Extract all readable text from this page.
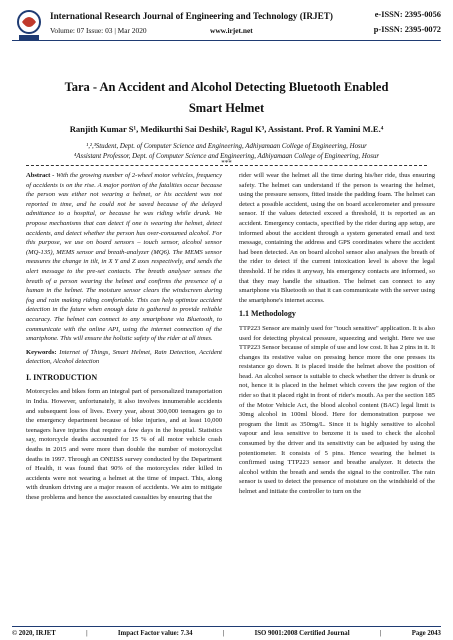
International Research Journal of Engineering and Technology (IRJET)
Volume: 07 Issue: 03 | Mar 2020	www.irjet.net
e-ISSN: 2395-0056
p-ISSN: 2395-0072
Tara - An Accident and Alcohol Detecting Bluetooth Enabled
Smart Helmet
Ranjith Kumar S¹, Medikurthi Sai Deshik², Ragul K³, Assistant. Prof. R Yamini M.E.⁴
¹,²,³Student, Dept. of Computer Science and Engineering, Adhiyamaan College of Engineering, Hosur
⁴Assistant Professor, Dept. of Computer Science and Engineering, Adhiyamaan College of Engineering, Hosur
***

Abstract - With the growing number of 2-wheel motor vehicles, frequency of accidents is on the rise. A major portion of the fatalities occur because the person was either not wearing a helmet, or his accident was not reported in time, and he could not be saved because of the delayed admittance to a hospital, or because he was riding while drunk. We propose mechanisms that can detect if one is wearing the helmet, detect accidents, and detect whether the person has over-consumed alcohol. For this purpose, we use on board sensors – touch sensor, alcohol sensor (MQ-135), MEMS sensor and breath-analyzer (MQ6). The MEMS sensor measures the change in tilt, in X Y and Z axes respectively, and sends the alert message to the pre-set contacts. The breath analyser senses the breath of a person wearing the helmet and confirms the presence of a human in the helmet. The moisture sensor clears the windscreen during fog and rain making riding comfortable. This can help optimize accident detection in the future when enough data is gathered to provide reliable accuracy. The helmet can connect to any smartphone via Bluetooth, to communicate with the online API, using the internet connection of the smartphone. This will ensure the holistic safety of the rider at all times.

Keywords: Internet of Things, Smart Helmet, Rain Detection, Accident detection, Alcohol detection

I. INTRODUCTION

Motorcycles and bikes form an integral part of personalized transportation in India. However, unfortunately, it also involves innumerable accidents and subsequent loss of lives. Every year, about 300,000 teenagers go to the emergency department because of bike injuries, and at least 10,000 teenagers have injuries that require a few days in the hospital. Statistics say, motorcycle deaths accounted for 15 % of all motor vehicle crash deaths in 2015 and were more than double the number of motorcyclist deaths in 1997. Through an ONEISS survey conducted by the Department of Health, it was found that 90% of the motorcycles rider killed in accidents were not wearing a helmet at the time of impact. This, along with drunken driving are a major reason of accidents. We aim to mitigate these problems and hence the associated casualties by ensuring that the

rider will wear the helmet all the time during his/her ride, thus ensuring safety. The helmet can understand if the person is wearing the helmet, using the pressure sensors, fitted inside the padding foam. The helmet can detect a possible accident, using the on board accelerometer and pressure sensor. If the values detected exceed a threshold, it is reported as an accident. Emergency contacts, specified by the rider during app setup, are informed about the accident through a system generated email and text message, containing the address and GPS coordinates where the accident had been detected. An on board alcohol sensor also analyses the breath of the rider to detect if the current intoxication level is above the legal threshold. If he rides it anyway, his emergency contacts are informed, so that they may handle the situation. The helmet can connect to any smartphone via Bluetooth so that it can communicate with the server using the smartphone's internet access.

1.1 Methodology

TTP223 Sensor are mainly used for "touch sensitive" application. It is also used for detecting physical pressure, squeezing and weight. Here we use TTP223 Sensor because of simple of use and low cost. It has 2 pins in it. It changes its resistive value on pressing hence more the one presses its resistance go down. It is placed inside the helmet above the position of head. An alcohol sensor is suitable to check whether the driver is drunk or not, hence it is placed in the helmet which covers the jaw region of the rider so that it placed right in front of rider's mouth. As per the section 185 of the Motor Vehicle Act, the blood alcohol content (BAC) legal limit is 30mg alcohol in 100ml blood. Here for demonstration purpose we program the limit as 350mg/L. Since it is highly sensitive to alcohol vapour and less sensitive to benzene it is used to check the alcohol consumed by the driver and its sensitivity can be adjusted by using the potentiometer. It consists of 5 pins. Hence wearing the helmet is confirmed using TTP223 sensor and breathe analyzer. It detects the alcohol within the breath and sends the signal to the controller. The rain sensor is used to detect the presence of moisture on the windshield of the helmet and initiate the controller to turn on the

© 2020, IRJET	|	Impact Factor value: 7.34	|	ISO 9001:2008 Certified Journal	|	Page 2043
